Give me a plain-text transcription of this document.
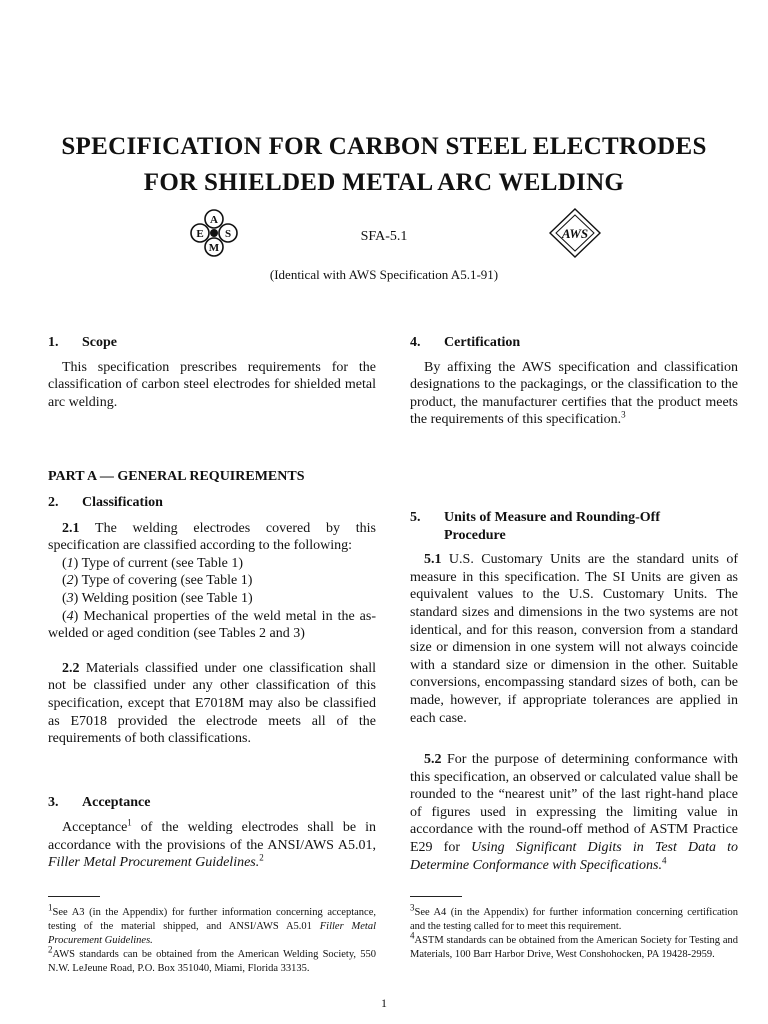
SPECIFICATION FOR CARBON STEEL ELECTRODES
FOR SHIELDED METAL ARC WELDING
A
S
M
E	SFA-5.1	AWS
(Identical with AWS Specification A5.1-91)
1. Scope
This specification prescribes requirements for the classification of carbon steel electrodes for shielded metal arc welding.
PART A — GENERAL REQUIREMENTS
2. Classification
2.1 The welding electrodes covered by this specification are classified according to the following:
(1) Type of current (see Table 1)
(2) Type of covering (see Table 1)
(3) Welding position (see Table 1)
(4) Mechanical properties of the weld metal in the as-welded or aged condition (see Tables 2 and 3)
2.2 Materials classified under one classification shall not be classified under any other classification of this specification, except that E7018M may also be classified as E7018 provided the electrode meets all of the requirements of both classifications.
3. Acceptance
Acceptance$^1$ of the welding electrodes shall be in accordance with the provisions of the ANSI/AWS A5.01, Filler Metal Procurement Guidelines.$^2$
4. Certification
By affixing the AWS specification and classification designations to the packagings, or the classification to the product, the manufacturer certifies that the product meets the requirements of this specification.$^3$
5. Units of Measure and Rounding-Off
Procedure
5.1 U.S. Customary Units are the standard units of measure in this specification. The SI Units are given as equivalent values to the U.S. Customary Units. The standard sizes and dimensions in the two systems are not identical, and for this reason, conversion from a standard size or dimension in one system will not always coincide with a standard size or dimension in the other. Suitable conversions, encompassing standard sizes of both, can be made, however, if appropriate tolerances are applied in each case.
5.2 For the purpose of determining conformance with this specification, an observed or calculated value shall be rounded to the “nearest unit” of the last right-hand place of figures used in expressing the limiting value in accordance with the round-off method of ASTM Practice E29 for Using Significant Digits in Test Data to Determine Conformance with Specifications.$^4$
$^1$See A3 (in the Appendix) for further information concerning acceptance, testing of the material shipped, and ANSI/AWS A5.01 Filler Metal Procurement Guidelines.
$^2$AWS standards can be obtained from the American Welding Society, 550 N.W. LeJeune Road, P.O. Box 351040, Miami, Florida 33135.
$^3$See A4 (in the Appendix) for further information concerning certification and the testing called for to meet this requirement.
$^4$ASTM standards can be obtained from the American Society for Testing and Materials, 100 Barr Harbor Drive, West Conshohocken, PA 19428-2959.
1
